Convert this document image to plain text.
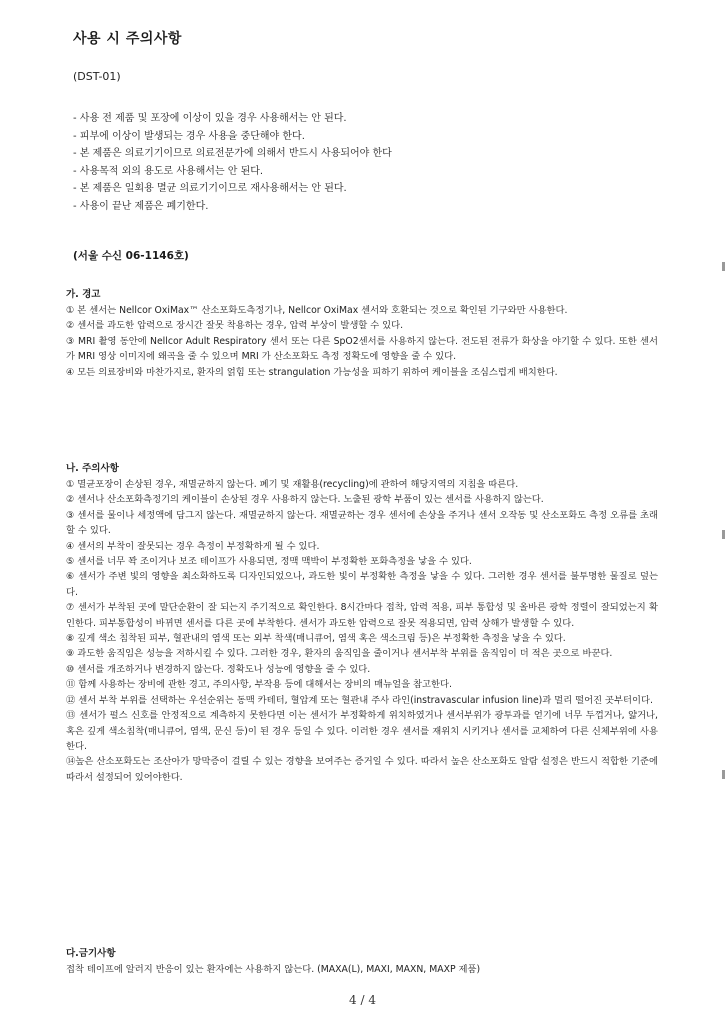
사용 시 주의사항
(DST-01)
- 사용 전 제품 및 포장에 이상이 있을 경우 사용해서는 안 된다.
- 피부에 이상이 발생되는 경우 사용을 중단해야 한다.
- 본 제품은 의료기기이므로 의료전문가에 의해서 반드시 사용되어야 한다
- 사용목적 외의 용도로 사용해서는 안 된다.
- 본 제품은 일회용 멸균 의료기기이므로 재사용해서는 안 된다.
- 사용이 끝난 제품은 폐기한다.
(서울 수신 06-1146호)
가. 경고
① 본 센서는 Nellcor OxiMax™ 산소포화도측정기나, Nellcor OxiMax 센서와 호환되는 것으로 확인된 기구와만 사용한다.
② 센서를 과도한 압력으로 장시간 잘못 착용하는 경우, 압력 부상이 발생할 수 있다.
③ MRI 촬영 동안에 Nellcor Adult Respiratory 센서 또는 다른 SpO2센서를 사용하지 않는다. 전도된 전류가 화상을 야기할 수 있다. 또한 센서가 MRI 영상 이미지에 왜곡을 줄 수 있으며 MRI 가 산소포화도 측정 정확도에 영향을 줄 수 있다.
④ 모든 의료장비와 마찬가지로, 환자의 얽힘 또는 strangulation 가능성을 피하기 위하여 케이블을 조심스럽게 배치한다.
나. 주의사항
① 멸균포장이 손상된 경우, 재멸균하지 않는다. 폐기 및 재활용(recycling)에 관하여 해당지역의 지침을 따른다.
② 센서나 산소포화측정기의 케이블이 손상된 경우 사용하지 않는다. 노출된 광학 부품이 있는 센서를 사용하지 않는다.
③ 센서를 물이나 세정액에 담그지 않는다. 재멸균하지 않는다. 재멸균하는 경우 센서에 손상을 주거나 센서 오작동 및 산소포화도 측정 오류를 초래할 수 있다.
④ 센서의 부착이 잘못되는 경우 측정이 부정확하게 될 수 있다.
⑤ 센서를 너무 꽉 조이거나 보조 테이프가 사용되면, 정맥 맥박이 부정확한 포화측정을 낳을 수 있다.
⑥ 센서가 주변 빛의 영향을 최소화하도록 디자인되었으나, 과도한 빛이 부정확한 측정을 낳을 수 있다. 그러한 경우 센서를 불투명한 물질로 덮는다.
⑦ 센서가 부착된 곳에 말단순환이 잘 되는지 주기적으로 확인한다. 8시간마다 접착, 압력 적용, 피부 통합성 및 올바른 광학 정렬이 잘되었는지 확인한다. 피부통합성이 바뀌면 센서를 다른 곳에 부착한다. 센서가 과도한 압력으로 잘못 적용되면, 압력 상해가 발생할 수 있다.
⑧ 깊게 색소 침착된 피부, 혈관내의 염색 또는 외부 착색(매니큐어, 염색 혹은 색소크림 등)은 부정확한 측정을 낳을 수 있다.
⑨ 과도한 움직임은 성능을 저하시킬 수 있다. 그러한 경우, 환자의 움직임을 줄이거나 센서부착 부위를 움직임이 더 적은 곳으로 바꾼다.
⑩ 센서를 개조하거나 변경하지 않는다. 정확도나 성능에 영향을 줄 수 있다.
⑪ 함께 사용하는 장비에 관한 경고, 주의사항, 부작용 등에 대해서는 장비의 매뉴얼을 참고한다.
⑫ 센서 부착 부위를 선택하는 우선순위는 동맥 카테터, 혈압계 또는 혈관내 주사 라인(instravascular infusion line)과 멀리 떨어진 곳부터이다.
⑬ 센서가 펄스 신호를 안정적으로 계측하지 못한다면 이는 센서가 부정확하게 위치하였거나 센서부위가 광투과를 얻기에 너무 두껍거나, 얇거나, 혹은 깊게 색소침착(매니큐어, 염색, 문신 등)이 된 경우 등일 수 있다. 이러한 경우 센서를 재위치 시키거나 센서를 교체하여 다른 신체부위에 사용한다.
⑭높은 산소포화도는 조산아가 망막증이 걸릴 수 있는 경향을 보여주는 증거일 수 있다. 따라서 높은 산소포화도 알람 설정은 반드시 적합한 기준에 따라서 설정되어 있어야한다.
다.금기사항
접착 테이프에 알러지 반응이 있는 환자에는 사용하지 않는다. (MAXA(L), MAXI, MAXN, MAXP 제품)
4 / 4
